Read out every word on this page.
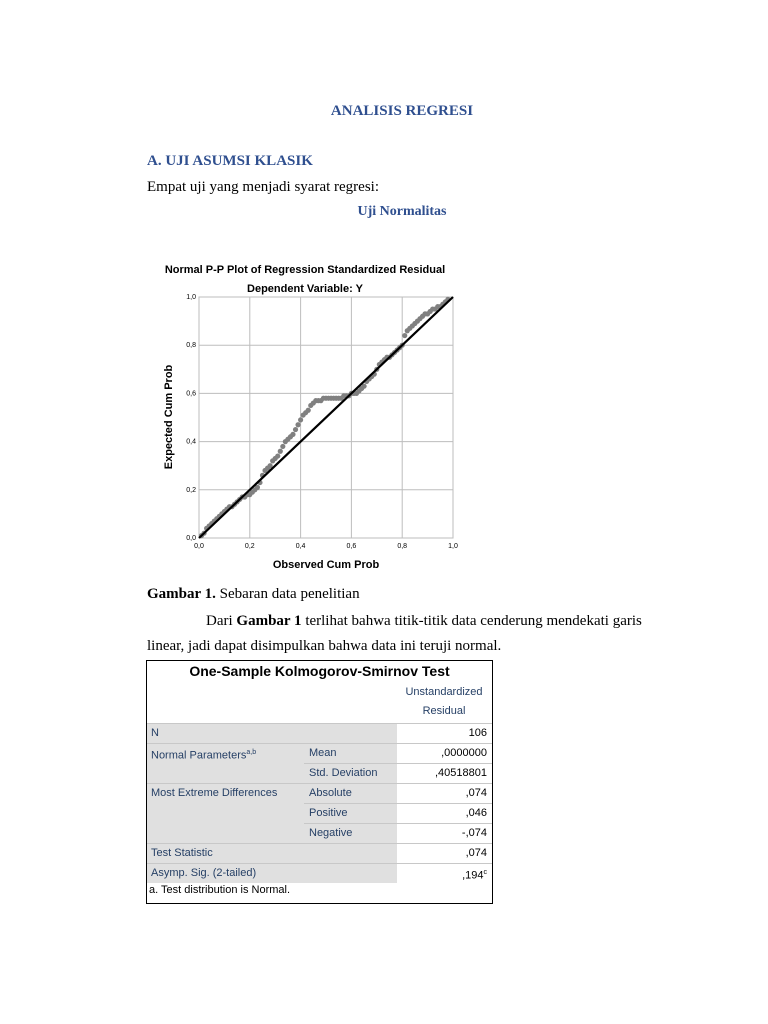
ANALISIS REGRESI
A. UJI ASUMSI KLASIK
Empat uji yang menjadi syarat regresi:
Uji Normalitas
Normal P-P Plot of Regression Standardized Residual
Dependent Variable: Y
0,0	0,2	0,4	0,6	0,8	1,0
0,0
0,2
0,4
0,6
0,8
1,0
Observed Cum Prob
Expected Cum Prob
Gambar 1. Sebaran data penelitian
Dari Gambar 1 terlihat bahwa titik-titik data cenderung mendekati garis linear, jadi dapat disimpulkan bahwa data ini teruji normal.
One-Sample Kolmogorov-Smirnov Test
Unstandardized
Residual
N	106
Normal Parameters$^{a,b}$	Mean	,0000000
Std. Deviation	,40518801
Most Extreme Differences	Absolute	,074
Positive	,046
Negative	-,074
Test Statistic	,074
Asymp. Sig. (2-tailed)	,194$^c$
a. Test distribution is Normal.
